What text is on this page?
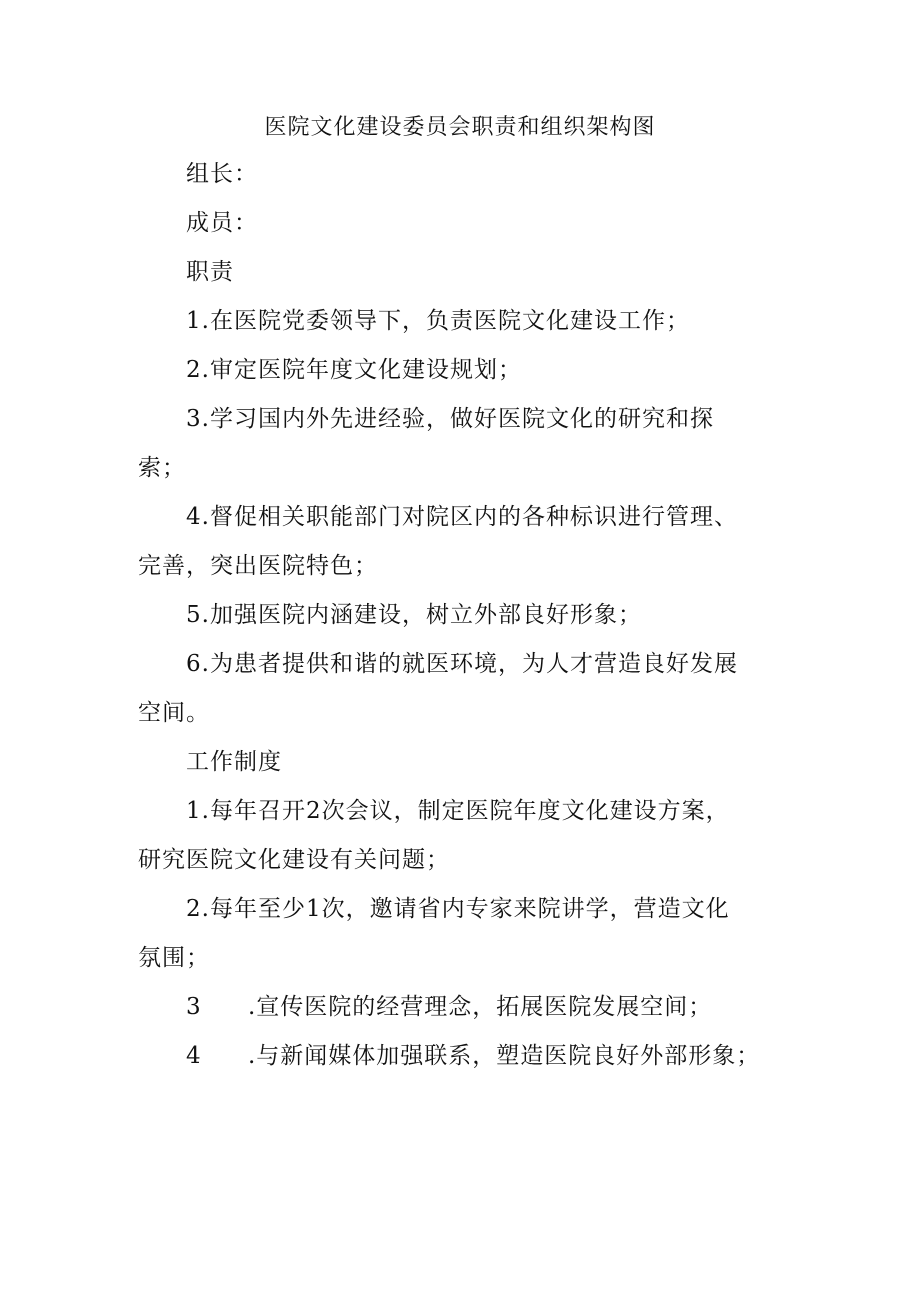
医院文化建设委员会职责和组织架构图
组长：
成员：
职责
1.在医院党委领导下，负责医院文化建设工作；
2.审定医院年度文化建设规划；
3.学习国内外先进经验，做好医院文化的研究和探
索；
4.督促相关职能部门对院区内的各种标识进行管理、
完善，突出医院特色；
5.加强医院内涵建设，树立外部良好形象；
6.为患者提供和谐的就医环境，为人才营造良好发展
空间。
工作制度
1.每年召开2次会议，制定医院年度文化建设方案，
研究医院文化建设有关问题；
2.每年至少1次，邀请省内专家来院讲学，营造文化
氛围；
3 .宣传医院的经营理念，拓展医院发展空间；
4 .与新闻媒体加强联系，塑造医院良好外部形象；
